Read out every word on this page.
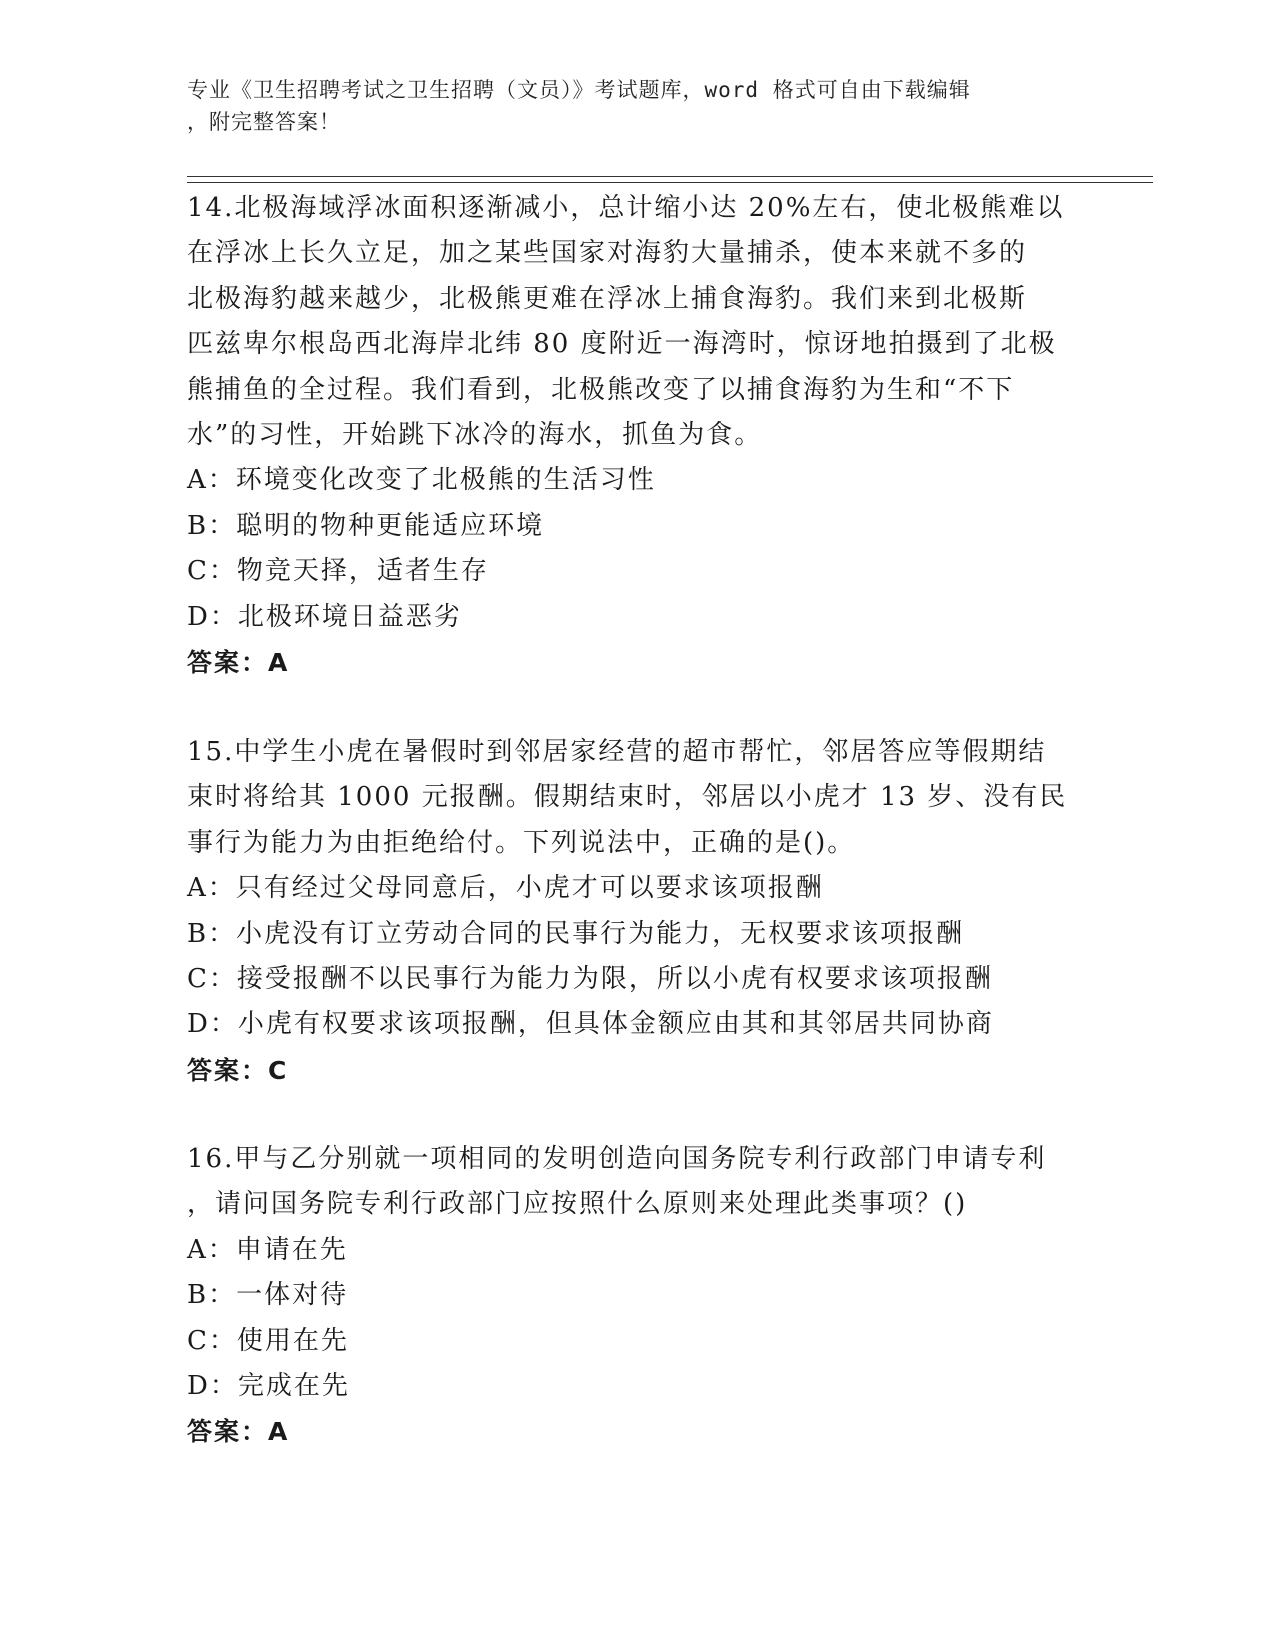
专业《卫生招聘考试之卫生招聘（文员）》考试题库，word 格式可自由下载编辑
，附完整答案！
14.北极海域浮冰面积逐渐减小，总计缩小达 20%左右，使北极熊难以
在浮冰上长久立足，加之某些国家对海豹大量捕杀，使本来就不多的
北极海豹越来越少，北极熊更难在浮冰上捕食海豹。我们来到北极斯
匹兹卑尔根岛西北海岸北纬 80 度附近一海湾时，惊讶地拍摄到了北极
熊捕鱼的全过程。我们看到，北极熊改变了以捕食海豹为生和“不下
水”的习性，开始跳下冰冷的海水，抓鱼为食。
A：环境变化改变了北极熊的生活习性
B：聪明的物种更能适应环境
C：物竞天择，适者生存
D：北极环境日益恶劣
答案：A
15.中学生小虎在暑假时到邻居家经营的超市帮忙，邻居答应等假期结
束时将给其 1000 元报酬。假期结束时，邻居以小虎才 13 岁、没有民
事行为能力为由拒绝给付。下列说法中，正确的是()。
A：只有经过父母同意后，小虎才可以要求该项报酬
B：小虎没有订立劳动合同的民事行为能力，无权要求该项报酬
C：接受报酬不以民事行为能力为限，所以小虎有权要求该项报酬
D：小虎有权要求该项报酬，但具体金额应由其和其邻居共同协商
答案：C
16.甲与乙分别就一项相同的发明创造向国务院专利行政部门申请专利
，请问国务院专利行政部门应按照什么原则来处理此类事项？()
A：申请在先
B：一体对待
C：使用在先
D：完成在先
答案：A
